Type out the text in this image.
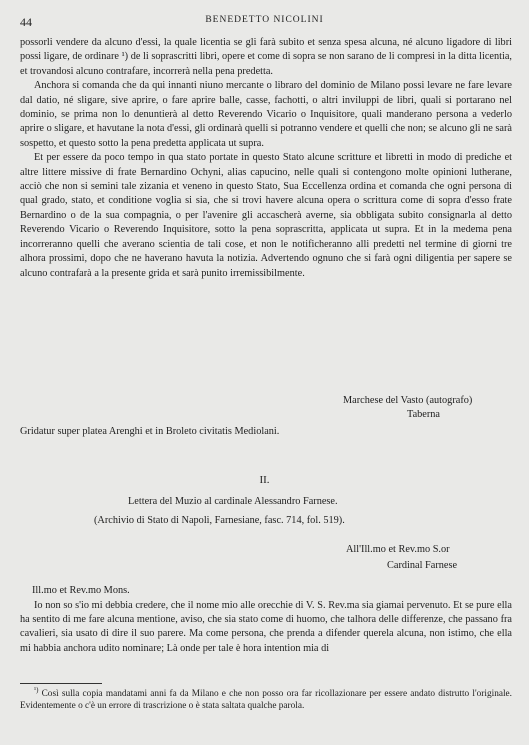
44	BENEDETTO NICOLINI

possorli vendere da alcuno d'essi, la quale licentia se gli farà subito et senza spesa alcuna, né alcuno ligadore di libri possi ligare, de ordinare ¹) de li soprascritti libri, opere et come di sopra se non sarano de li compresi in la ditta licentia, et trovandosi alcuno contrafare, incorrerà nella pena predetta.

Anchora si comanda che da qui innanti niuno mercante o libraro del dominio de Milano possi levare ne fare levare dal datio, né sligare, sive aprire, o fare aprire balle, casse, fachotti, o altri inviluppi de libri, quali si portarano nel dominio, se prima non lo denuntierà al detto Reverendo Vicario o Inquisitore, quali manderano persona a vederlo aprire o sligare, et havutane la nota d'essi, gli ordinarà quelli si potranno vendere et quelli che non; se alcuno gli ne sarà sospetto, et questo sotto la pena predetta applicata ut supra.

Et per essere da poco tempo in qua stato portate in questo Stato alcune scritture et libretti in modo di prediche et altre littere missive di frate Bernardino Ochyni, alias capucino, nelle quali si contengono molte opinioni lutherane, acciò che non si semini tale zizania et veneno in questo Stato, Sua Eccellenza ordina et comanda che ogni persona di qual grado, stato, et conditione voglia si sia, che si trovi havere alcuna opera o scrittura come di sopra d'esso frate Bernardino o de la sua compagnia, o per l'avenire gli accascherà averne, sia obbligata subito consignarla al detto Reverendo Vicario o Reverendo Inquisitore, sotto la pena soprascritta, applicata ut supra. Et in la medema pena incorreranno quelli che averano scientia de tali cose, et non le notificheranno alli predetti nel termine di giorni tre alhora prossimi, dopo che ne haverano havuta la notizia. Advertendo ognuno che si farà ogni diligentia per sapere se alcuno contrafarà a la presente grida et sarà punito irremissibilmente.

Marchese del Vasto (autografo)
Taberna
Gridatur super platea Arenghi et in Broleto civitatis Mediolani.
II.
Lettera del Muzio al cardinale Alessandro Farnese.
(Archivio di Stato di Napoli, Farnesiane, fasc. 714, fol. 519).
All'Ill.mo et Rev.mo S.or
Cardinal Farnese
Ill.mo et Rev.mo Mons.

Io non so s'io mi debbia credere, che il nome mio alle orecchie di V. S. Rev.ma sia giamai pervenuto. Et se pure ella ha sentito di me fare alcuna mentione, aviso, che sia stato come di huomo, che talhora delle differenze, che passano fra cavalieri, sia usato di dire il suo parere. Ma come persona, che prenda a difender querela alcuna, non istimo, che ella mi habbia anchora udito nominare; Là onde per tale è hora intention mia di

$^{^1)}$ Così sulla copia mandatami anni fa da Milano e che non posso ora far ricollazionare per essere andato distrutto l'originale. Evidentemente o c'è un errore di trascrizione o è stata saltata qualche parola.
